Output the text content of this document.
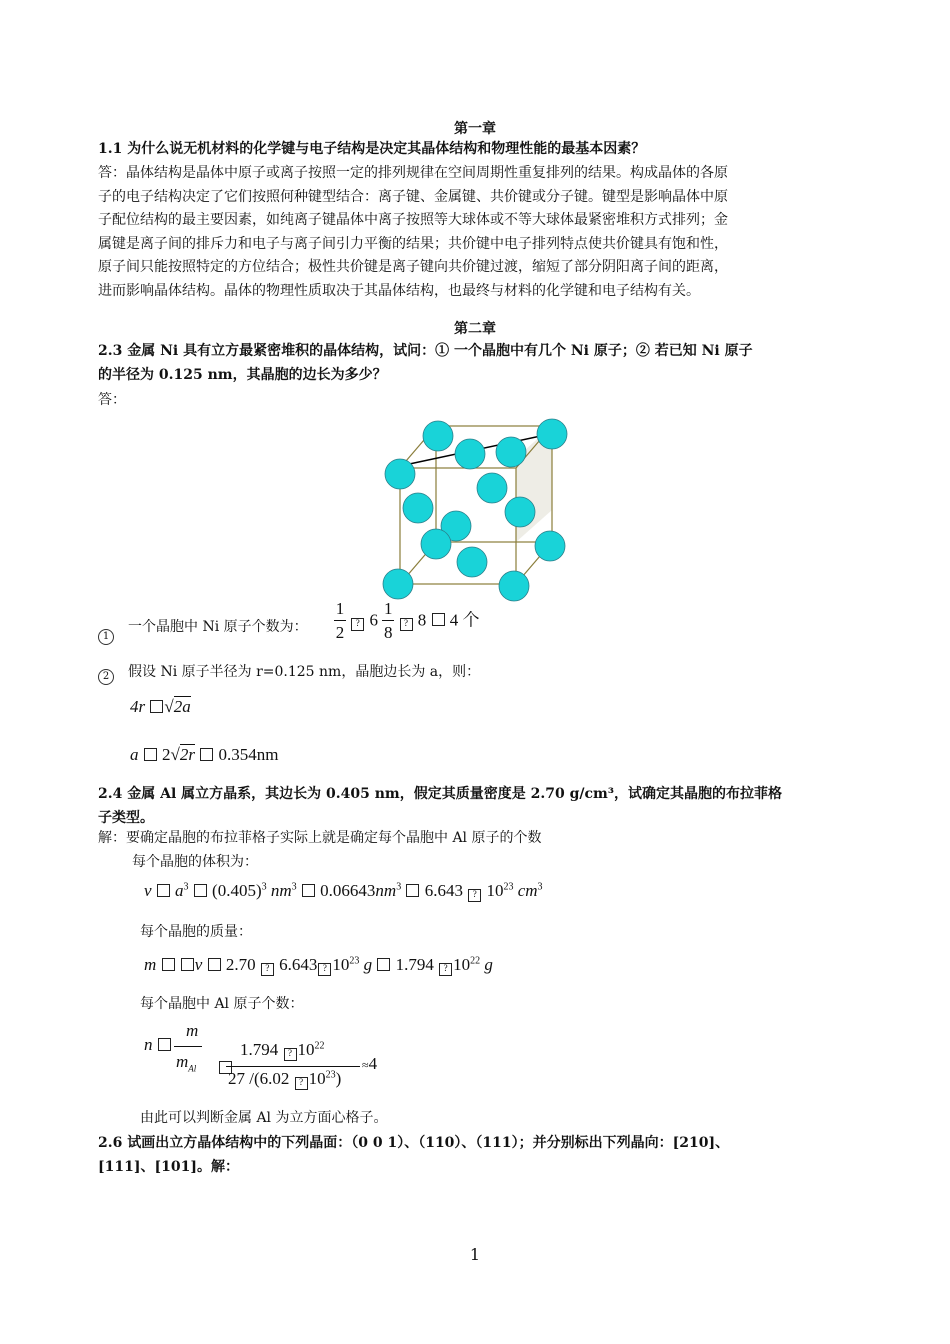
第一章
1.1 为什么说无机材料的化学键与电子结构是决定其晶体结构和物理性能的最基本因素？
答：晶体结构是晶体中原子或离子按照一定的排列规律在空间周期性重复排列的结果。构成晶体的各原
子的电子结构决定了它们按照何种键型结合：离子键、金属键、共价键或分子键。键型是影响晶体中原
子配位结构的最主要因素，如纯离子键晶体中离子按照等大球体或不等大球体最紧密堆积方式排列；金
属键是离子间的排斥力和电子与离子间引力平衡的结果；共价键中电子排列特点使共价键具有饱和性，
原子间只能按照特定的方位结合；极性共价键是离子键向共价键过渡，缩短了部分阴阳离子间的距离，
进而影响晶体结构。晶体的物理性质取决于其晶体结构，也最终与材料的化学键和电子结构有关。
第二章
2.3 金属 Ni 具有立方最紧密堆积的晶体结构，试问：① 一个晶胞中有几个 Ni 原子；② 若已知 Ni 原子
的半径为 0.125 nm，其晶胞的边长为多少？
答：
1
一个晶胞中 Ni 原子个数为： $\frac{1}{2}$ ? $6 \frac{1}{8}$ ? 8 4 个
2	假设 Ni 原子半径为 r=0.125 nm，晶胞边长为 a，则：
4r √2a
a 2√2r 0.354nm
2.4 金属 Al 属立方晶系，其边长为 0.405 nm，假定其质量密度是 2.70 g/cm³，试确定其晶胞的布拉菲格
子类型。
解：要确定晶胞的布拉菲格子实际上就是确定每个晶胞中 Al 原子的个数
每个晶胞的体积为：
v $a^3$ $(0.405)^3$ $nm^3$ $0.06643nm^3$ 6.643 ? $10^{23}$ $cm^3$
每个晶胞的质量：
m v 2.70 ? 6.643 ? $10^{23}$ g 1.794 ? $10^{22}$ g
每个晶胞中 Al 原子个数：
n
m
$m_{Al}$
1.794 ? $10^{22}$
27 /(6.02 ? $10^{23}$)
≈4
由此可以判断金属 Al 为立方面心格子。
2.6 试画出立方晶体结构中的下列晶面：（0 0 1）、（110）、（111）；并分别标出下列晶向：[210]、
[111]、[101]。解：
1
